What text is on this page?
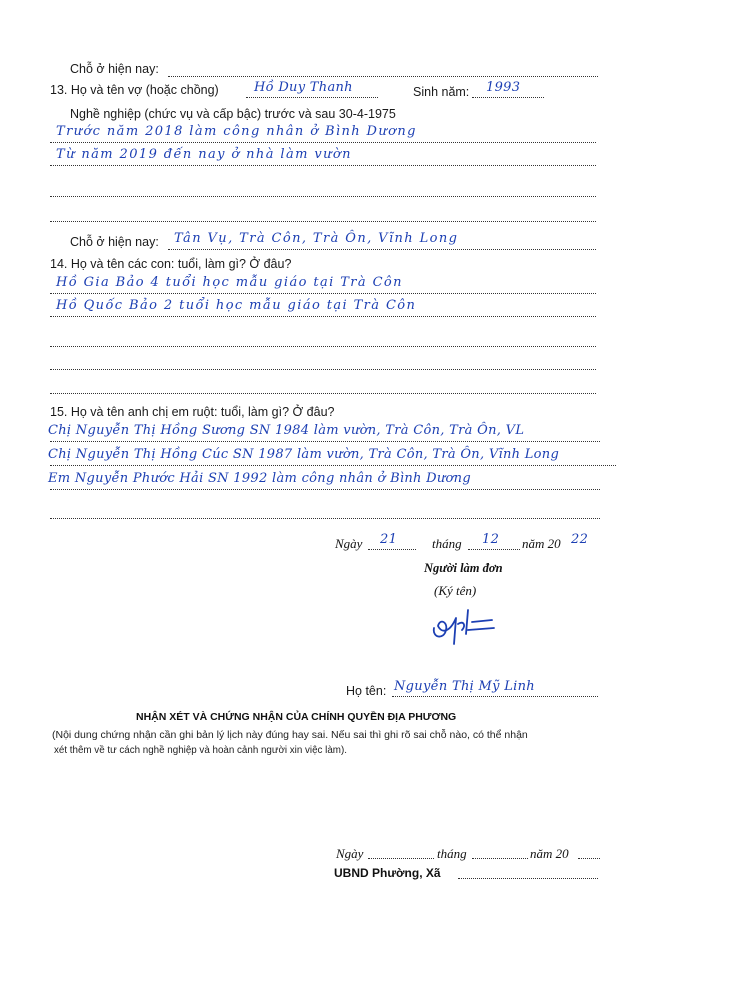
Chỗ ở hiện nay:
13. Họ và tên vợ (hoặc chồng)	Hồ Duy Thanh	Sinh năm: 1993
Nghề nghiệp (chức vụ và cấp bậc) trước và sau 30-4-1975
Trước năm 2018 làm công nhân ở Bình Dương
Từ năm 2019 đến nay ở nhà làm vườn
Chỗ ở hiện nay: Tân Vụ, Trà Côn, Trà Ôn, Vĩnh Long
14. Họ và tên các con: tuổi, làm gì? Ở đâu?
Hồ Gia Bảo 4 tuổi học mẫu giáo tại Trà Côn
Hồ Quốc Bảo 2 tuổi học mẫu giáo tại Trà Côn
15. Họ và tên anh chị em ruột: tuổi, làm gì? Ở đâu?
Chị Nguyễn Thị Hồng Sương SN 1984 làm vườn, Trà Côn, Trà Ôn, VL
Chị Nguyễn Thị Hồng Cúc SN 1987 làm vườn, Trà Côn, Trà Ôn, Vĩnh Long
Em Nguyễn Phước Hải SN 1992 làm công nhân ở Bình Dương
Ngày 21	tháng 12 năm 20 22
Người làm đơn
(Ký tên)
Họ tên: Nguyễn Thị Mỹ Linh
NHẬN XÉT VÀ CHỨNG NHẬN CỦA CHÍNH QUYỀN ĐỊA PHƯƠNG
(Nội dung chứng nhận cần ghi bản lý lịch này đúng hay sai. Nếu sai thì ghi rõ sai chỗ nào, có thể nhận
xét thêm về tư cách nghề nghiệp và hoàn cảnh người xin việc làm).
Ngày	tháng	năm 20
UBND Phường, Xã
